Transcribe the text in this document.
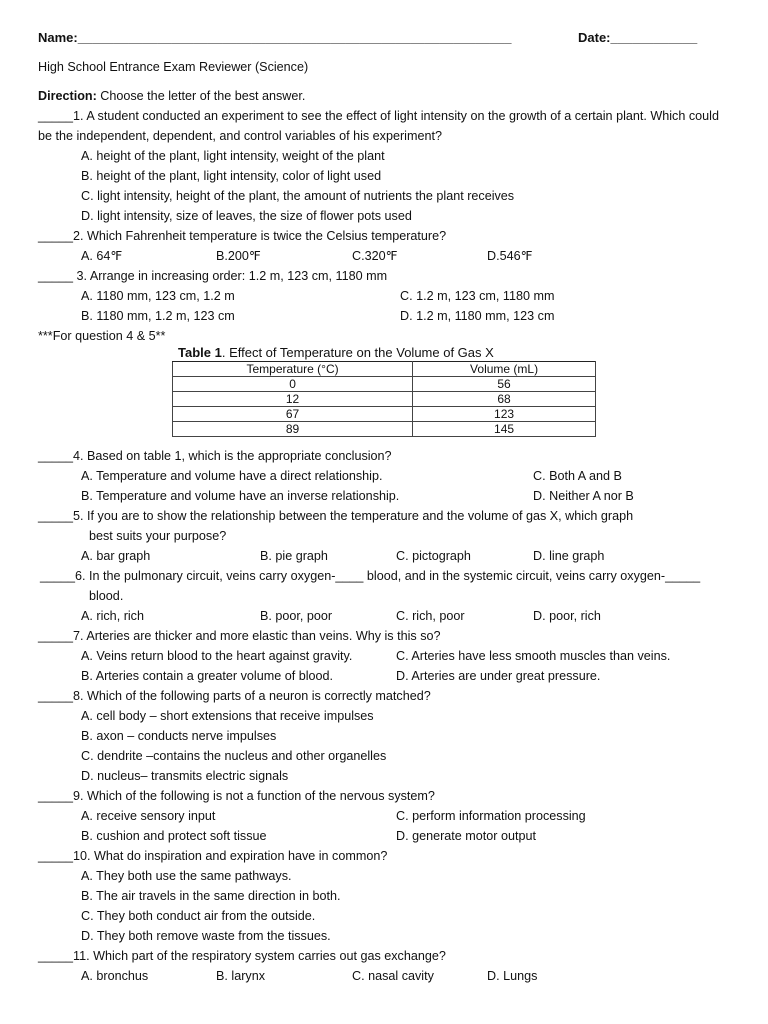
Name:____________________________________________________________	Date:____________
High School Entrance Exam Reviewer (Science)
Direction: Choose the letter of the best answer.
_____1. A student conducted an experiment to see the effect of light intensity on the growth of a certain plant. Which could
be the independent, dependent, and control variables of his experiment?
A. height of the plant, light intensity, weight of the plant
B. height of the plant, light intensity, color of light used
C. light intensity, height of the plant, the amount of nutrients the plant receives
D. light intensity, size of leaves, the size of flower pots used
_____2. Which Fahrenheit temperature is twice the Celsius temperature?
A. 64℉	B.200℉	C.320℉	D.546℉
_____ 3. Arrange in increasing order: 1.2 m, 123 cm, 1180 mm
A. 1180 mm, 123 cm, 1.2 m	C. 1.2 m, 123 cm, 1180 mm
B. 1180 mm, 1.2 m, 123 cm	D. 1.2 m, 1180 mm, 123 cm
***For question 4 & 5**
Table 1. Effect of Temperature on the Volume of Gas X
Temperature (°C)	Volume (mL)
0	56
12	68
67	123
89	145
_____4. Based on table 1, which is the appropriate conclusion?
A. Temperature and volume have a direct relationship.	C. Both A and B
B. Temperature and volume have an inverse relationship.	D. Neither A nor B
_____5. If you are to show the relationship between the temperature and the volume of gas X, which graph
best suits your purpose?
A. bar graph	B. pie graph	C. pictograph	D. line graph
_____6. In the pulmonary circuit, veins carry oxygen-____ blood, and in the systemic circuit, veins carry oxygen-_____
blood.
A. rich, rich	B. poor, poor	C. rich, poor	D. poor, rich
_____7. Arteries are thicker and more elastic than veins. Why is this so?
A. Veins return blood to the heart against gravity.	C. Arteries have less smooth muscles than veins.
B. Arteries contain a greater volume of blood.	D. Arteries are under great pressure.
_____8. Which of the following parts of a neuron is correctly matched?
A. cell body – short extensions that receive impulses
B. axon – conducts nerve impulses
C. dendrite –contains the nucleus and other organelles
D. nucleus– transmits electric signals
_____9. Which of the following is not a function of the nervous system?
A. receive sensory input	C. perform information processing
B. cushion and protect soft tissue	D. generate motor output
_____10. What do inspiration and expiration have in common?
A. They both use the same pathways.
B. The air travels in the same direction in both.
C. They both conduct air from the outside.
D. They both remove waste from the tissues.
_____11. Which part of the respiratory system carries out gas exchange?
A. bronchus	B. larynx	C. nasal cavity	D. Lungs
